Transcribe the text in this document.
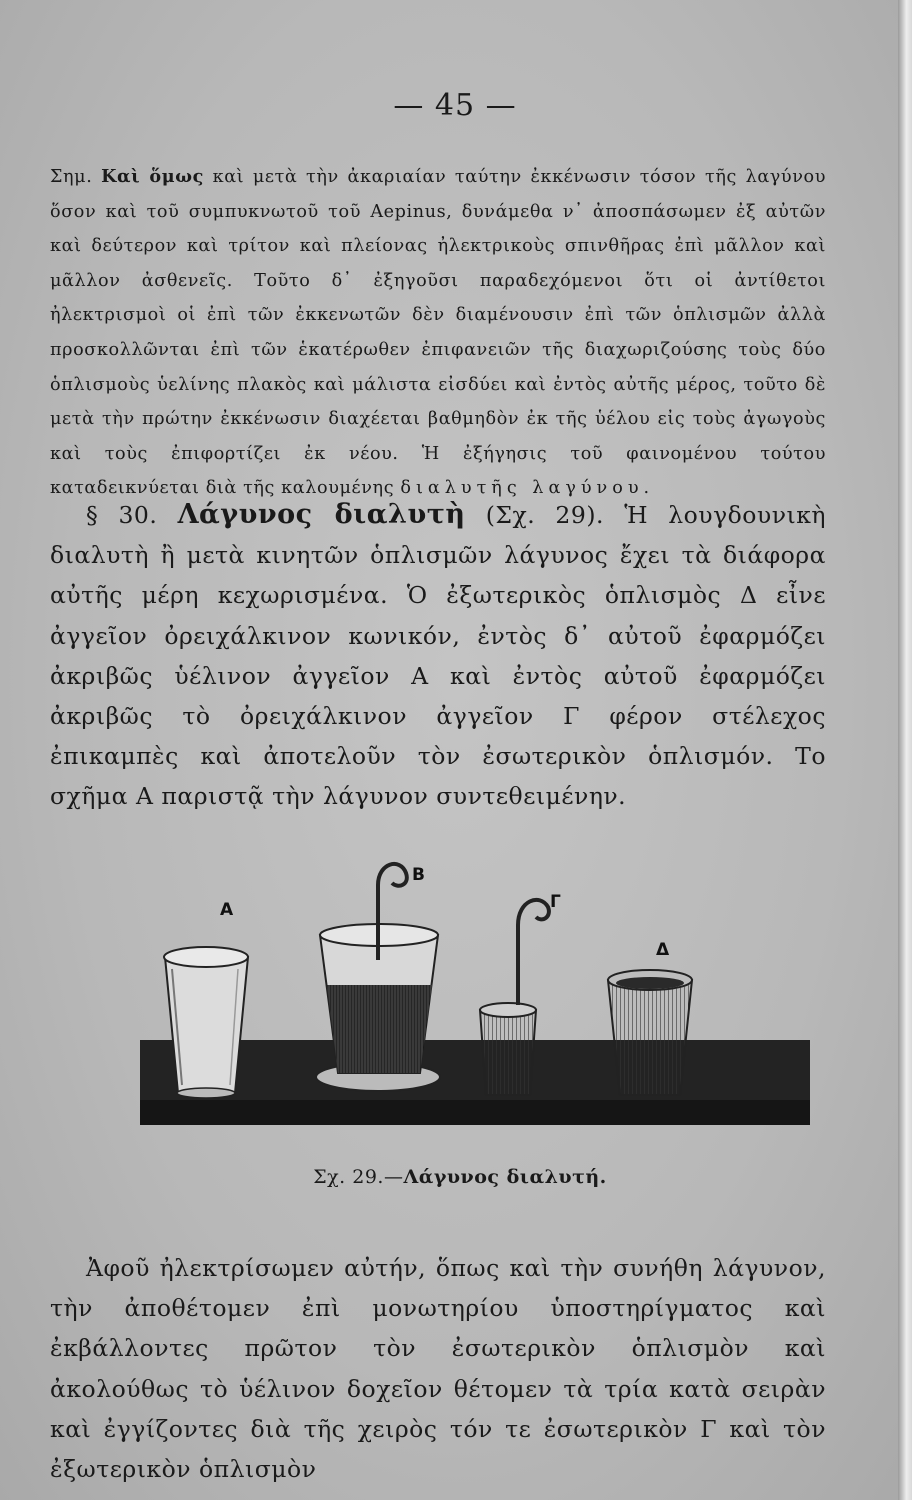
— 45 —
Σημ. Καὶ ὅμως καὶ μετὰ τὴν ἀκαριαίαν ταύτην ἐκκένωσιν τόσον τῆς λαγύνου ὅσον καὶ τοῦ συμπυκνωτοῦ τοῦ Aepinus, δυνάμεθα ν᾽ ἀποσπάσωμεν ἐξ αὐτῶν καὶ δεύτερον καὶ τρίτον καὶ πλείονας ἠλεκτρικοὺς σπινθῆρας ἐπὶ μᾶλλον καὶ μᾶλλον ἀσθενεῖς. Τοῦτο δ᾽ ἐξηγοῦσι παραδεχόμενοι ὅτι οἱ ἀντίθετοι ἠλεκτρισμοὶ οἱ ἐπὶ τῶν ἐκκενωτῶν δὲν διαμένουσιν ἐπὶ τῶν ὁπλισμῶν ἀλλὰ προσκολλῶνται ἐπὶ τῶν ἑκατέρωθεν ἐπιφανειῶν τῆς διαχωριζούσης τοὺς δύο ὁπλισμοὺς ὑελίνης πλακὸς καὶ μάλιστα εἰσδύει καὶ ἐντὸς αὐτῆς μέρος, τοῦτο δὲ μετὰ τὴν πρώτην ἐκκένωσιν διαχέεται βαθμηδὸν ἐκ τῆς ὑέλου εἰς τοὺς ἀγωγοὺς καὶ τοὺς ἐπιφορτίζει ἐκ νέου. Ἡ ἐξήγησις τοῦ φαινομένου τούτου καταδεικνύεται διὰ τῆς καλουμένης διαλυτῆς λαγύνου.
§ 30. Λάγυνος διαλυτὴ (Σχ. 29). Ἡ λουγδουνικὴ διαλυτὴ ἢ μετὰ κινητῶν ὁπλισμῶν λάγυνος ἔχει τὰ διάφορα αὐτῆς μέρη κεχωρισμένα. Ὁ ἐξωτερικὸς ὁπλισμὸς Δ εἶνε ἀγγεῖον ὀρειχάλκινον κωνικόν, ἐντὸς δ᾽ αὐτοῦ ἐφαρμόζει ἀκριβῶς ὑέλινον ἀγγεῖον Α καὶ ἐντὸς αὐτοῦ ἐφαρμόζει ἀκριβῶς τὸ ὀρειχάλκινον ἀγγεῖον Γ φέρον στέλεχος ἐπικαμπὲς καὶ ἀποτελοῦν τὸν ἐσωτερικὸν ὁπλισμόν. Το σχῆμα Α παριστᾷ τὴν λάγυνον συντεθειμένην.
Α
Β
Γ
Δ
Σχ. 29.—Λάγυνος διαλυτή.
Ἀφοῦ ἠλεκτρίσωμεν αὐτήν, ὅπως καὶ τὴν συνήθη λάγυνον, τὴν ἀποθέτομεν ἐπὶ μονωτηρίου ὑποστηρίγματος καὶ ἐκβάλλοντες πρῶτον τὸν ἐσωτερικὸν ὁπλισμὸν καὶ ἀκολούθως τὸ ὑέλινον δοχεῖον θέτομεν τὰ τρία κατὰ σειρὰν καὶ ἐγγίζοντες διὰ τῆς χειρὸς τόν τε ἐσωτερικὸν Γ καὶ τὸν ἐξωτερικὸν ὁπλισμὸν
